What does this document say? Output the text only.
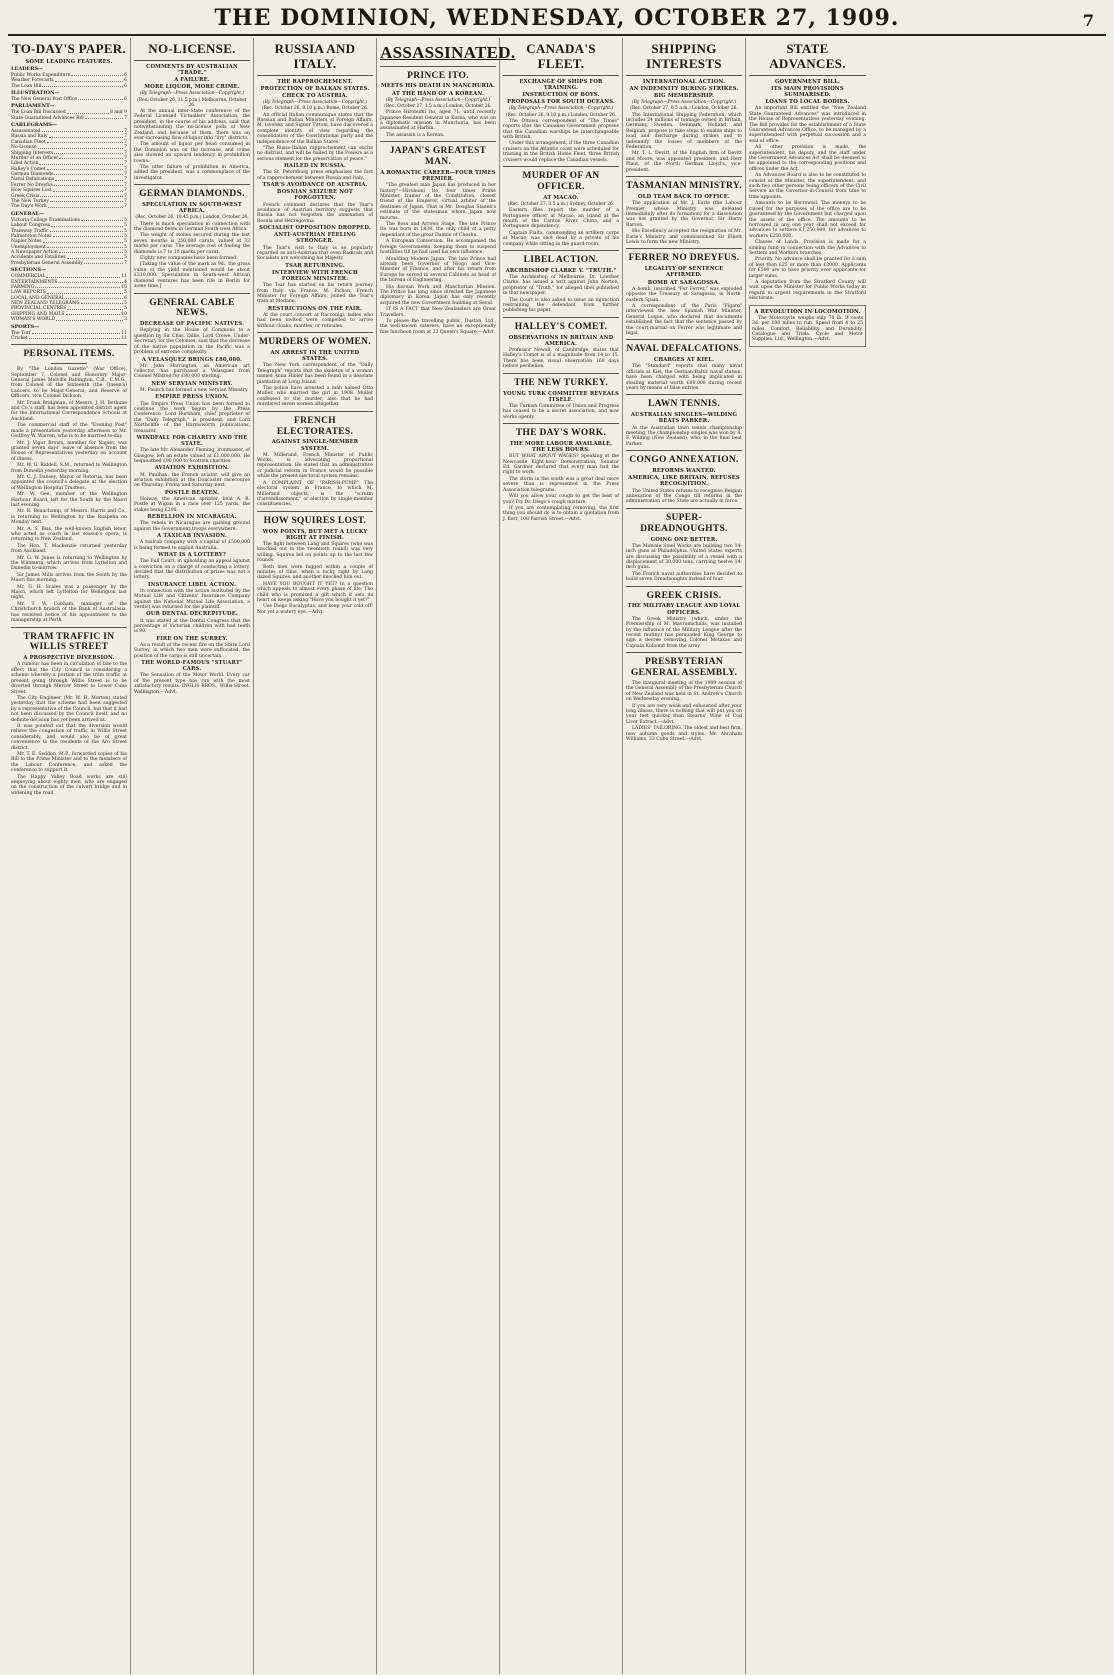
THE DOMINION, WEDNESDAY, OCTOBER 27, 1909.	7
TO-DAY'S PAPER.
SOME LEADING FEATURES.
LEADERS—
Public Works Expenditure	6
Weather Forecasts	6
The Loan Bill	6
ILLUSTRATION—
The New General Post Office	6
PARLIAMENT—
The Loan Bill Discussed	8 and 9
State-Guaranteed Advances Bill	7
CABLEGRAMS—
Assassinated	7
Russia and Italy	7
Canadian Fleet	7
No-License	7
Shipping Interests	7
Murder of an Officer	7
Libel Action	7
Halley's Comet	7
German Diamonds	7
Naval Defalcations	7
Ferrer No Dreyfus	7
How Squires Lost	7
Greek Crisis	7
The New Turkey	7
The Day's Work	7
GENERAL—
Victoria College Examinations	5
Labour Congress	5
Tramway Traffic	5
Palmerston Notes	5
Napier Notes	5
Unemployment	5
A Newspaper Action	5
Accidents and Fatalities	5
Presbyterian General Assembly	7
SECTIONS—
COMMERCIAL	11
ENTERTAINMENTS	4
FARMING	10
LAW REPORTS	5
LOCAL AND GENERAL	6
NEW ZEALAND TELEGRAMS	5
PROVINCIAL CENTRES	5
SHIPPING AND MAILS	10
WOMAN'S WORLD	3
SPORTS—
The Turf	11
Cricket	11
PERSONAL ITEMS.

By "The London Gazette" (War Office), September 7, Colonel and Honorary Major-General James Melville Babington, C.B., C.M.G., from Colonel of the Sixteenth (the Queen's) Lancers, to be Major-General; and Reserve of Officers, vice Colonel Dickson.

Mr. Frank Bridgman, of Messrs. J. H. Bethune and Co.'s staff, has been appointed district agent for the International Correspondence Schools at Auckland.

The commercial staff of the "Evening Post" made a presentation yesterday afternoon to Mr. Godfrey W. Warren, who is to be married to-day.

Mr. J. Vigor Brown, member for Napier, was granted seven days' leave of absence from the House of Representatives yesterday on account of illness.

Mr. W. G. Riddell, S.M., returned to Wellington from Dunedin yesterday morning.

Mr. C. J. Dansey, Mayor of Rotorua, has been appointed the council's delegate at the election of Wellington Hospital Trustees.

Mr. W. Gee, member of the Wellington Harbour Board, left for the South by the Maori last evening.

Mr. R. Beauchamp, of Messrs. Harris and Co., is returning to Wellington by the Ruapehu on Monday next.

Mr. A. S. Biss, the well-known English tenor, who acted as coach in last season's opera, is returning to New Zealand.

The Hon. T. Mackenzie returned yesterday from Auckland.

Mr. G. W. Jones is returning to Wellington by the Wimmera, which arrives from Lyttelton and Dunedin to-morrow.

Sir James Mills arrives from the South by the Maori this morning.

Mr. G. H. Scales was a passenger by the Maori, which left Lyttelton for Wellington last night.

Mr. T. W. Cobham, manager of the Christchurch branch of the Bank of Australasia, has received notice of his appointment to the managership at Perth.

TRAM TRAFFIC IN WILLIS STREET
A PROSPECTIVE DIVERSION.

A rumour has been in circulation of late to the effect that the City Council is considering a scheme whereby a portion of the tram traffic at present going through Willis Street is to be diverted through Mercer Street to Lower Cuba Street.

The City Engineer (Mr. W. H. Morton) stated yesterday that the scheme had been suggested by a representative of the Council, but that it had not been discussed by the Council itself, and no definite decision has yet been arrived at.

It was pointed out that the diversion would relieve the congestion of traffic in Willis Street considerably, and would also be of great convenience to the residents of the Aro Street district.

Mr. T. E. Seddon, M.P., forwarded copies of his Bill to the Prime Minister and to the members of the Labour Conference, and asked the conference to support it.

The Happy Valley Road works are still employing about eighty men, who are engaged on the construction of the culvert bridge and in widening the road.

NO-LICENSE.
COMMENTS BY AUSTRALIAN "TRADE."
A FAILURE.
MORE LIQUOR, MORE CRIME.
(By Telegraph—Press Association—Copyright.)
(Rec. October 26, 11.5 p.m.) Melbourne, October 26.

At the annual inter-State conference of the Federal Licensed Victuallers' Association, the president, in the course of his address, said that notwithstanding the no-license polls of New Zealand, and because of them, there was an ever-increasing flow of liquor into "dry" districts.

The amount of liquor per head consumed in the Dominion was on the increase, and crime also showed an upward tendency in prohibition towns.

The utter failure of prohibition in America, added the president, was a commonplace of the investigator.

GERMAN DIAMONDS.
SPECULATION IN SOUTH-WEST AFRICA.
(Rec. October 26, 10.45 p.m.) London, October 26.

There is much speculation in connection with the diamond fields in German South-west Africa.

The weight of stones secured during the last seven months is 250,000 carats, valued at 33 marks per carat. The average cost of finding the diamonds is 7 to 10 marks per carat.

Eighty new companies have been formed.

[Taking the value of the mark as 9d., the gross value of the yield mentioned would be about £310,000. Speculation in South-west African diamond ventures has been rife in Berlin for some time.]

GENERAL CABLE NEWS.
DECREASE OF PACIFIC NATIVES.

Replying in the House of Commons to a question by Sir Chas. Dilke, Lord Crewe, Under-Secretary for the Colonies, said that the decrease of the native population in the Pacific was a problem of extreme complexity.

A VELASQUEZ BRINGS £80,000.

Mr. John Harrington, an American art collector, has purchased a Velasquez from Colonel Mildred for £80,000 sterling.

NEW SERVIAN MINISTRY.

M. Pasitch has formed a new Servian Ministry.

EMPIRE PRESS UNION.

The Empire Press Union has been formed to continue the work begun by the Press Conference. Lord Burnham, chief proprietor of the "Daily Telegraph," is president; and Lord Northcliffe of the Harmsworth publications, treasurer.

WINDFALL FOR CHARITY AND THE STATE.

The late Mr. Alexander Fleming, ironmaster, of Glasgow, left an estate valued at £1,000,000. He bequeathed £90,000 to Scottish charities.

AVIATION EXHIBITION.

M. Paulhan, the French aviator, will give an aviation exhibition at the Doncaster racecourse on Thursday, Friday and Saturday next.

POSTLE BEATEN.

Holway, the American sprinter, beat A. R. Postle at Wigan in a race over 125 yards, the stakes being £200.

REBELLION IN NICARAGUA.

The rebels in Nicaragua are gaining ground against the Government troops everywhere.

A TAXICAB INVASION.

A taxicab company with a capital of £500,000 is being formed to exploit Australia.

WHAT IS A LOTTERY?

The Full Court, in upholding an appeal against a conviction on a charge of conducting a lottery, decided that the distribution of prizes was not a lottery.

INSURANCE LIBEL ACTION.

In connection with the action instituted by the Mutual Life and Citizens' Insurance Company against the National Mutual Life Association, a verdict was returned for the plaintiff.

OUR DENTAL DECREPITUDE.

It was stated at the Dental Congress that the percentage of Victorian children with bad teeth is 90.

FIRE ON THE SURREY.

As a result of the recent fire on the Shire Lord Surrey, in which two men were suffocated, the position of the cargo is still uncertain.

THE WORLD-FAMOUS "STUART" CARS.

The Sensation of the Motor World. Every car of the present type has run with the most satisfactory results. INGLIS BROS., Willis Street, Wellington.—Advt.

RUSSIA AND ITALY.
THE RAPPROCHEMENT.
PROTECTION OF BALKAN STATES.
CHECK TO AUSTRIA.
(By Telegraph—Press Association—Copyright.)
(Rec. October 26, 9.10 p.m.) Rome, October 26.

An official Italian communique states that the Russian and Italian Ministers of Foreign Affairs, M. Isvolsky and Signor Tittoni, have discovered a complete identity of view regarding the consolidation of the Constitutional party and the independence of the Balkan States.

"The Russo-Italian rapprochement can excite no distrust, and will be hailed by the Powers as a serious element for the preservation of peace."

HAILED IN RUSSIA.

The St. Petersburg press emphasises the fact of a rapprochement between Russia and Italy.

TSAR'S AVOIDANCE OF AUSTRIA.
BOSNIAN SEIZURE NOT FORGOTTEN.

French comment declares that the Tsar's avoidance of Austrian territory suggests that Russia has not forgotten the annexation of Bosnia and Herzegovina.

SOCIALIST OPPOSITION DROPPED.
ANTI-AUSTRIAN FEELING STRONGER.

The Tsar's visit to Italy is so popularly regarded as anti-Austrian that even Radicals and Socialists are welcoming his Majesty.

TSAR RETURNING.
INTERVIEW WITH FRENCH FOREIGN MINISTER.

The Tsar has started on his return journey from Italy, via France. M. Pichon, French Minister for Foreign Affairs, joined the Tsar's train at Modane.

RESTRICTIONS ON THE FAIR.

At the court concert at Racconigi, ladies who had been invited were compelled to arrive without cloaks, mantles, or reticules.

MURDERS OF WOMEN.
AN ARREST IN THE UNITED STATES.

The New York correspondent of the "Daily Telegraph" reports that the skeleton of a woman named Anna Hibler has been found in a desolate plantation at Long Island.

The police have arrested a man named Otto Muller, who married the girl in 1908. Muller confessed to the murder, also that he had murdered seven women altogether.

FRENCH ELECTORATES.
AGAINST SINGLE-MEMBER SYSTEM.

M. Millerand, French Minister of Public Works, is advocating proportional representation. He stated that an administrative or judicial reform in France would be possible while the present electoral system remains.

A COMPLAINT OF "PARISH-PUMP." The electoral system in France, to which M. Millerand objects, is the "scrutin d'arrondissement," or election by single-member constituencies.

HOW SQUIRES LOST.
WON POINTS, BUT MET A LUCKY RIGHT AT FINISH.

The fight between Lang and Squires (who was knocked out in the twentieth round) was very willing. Squires led on points up to the last few rounds.

Both men were fagged within a couple of minutes of time, when a lucky right by Lang dazed Squires, and another knocked him out.

HAVE YOU BOUGHT IT YET? In a question which appeals to almost every phase of life. The child who is promised a gift which it sets its heart on keeps asking "Have you bought it yet?"

Use Diego Eucalyptus, and keep your cold off! Nor yet a watery eye.—Advt.

ASSASSINATED.
PRINCE ITO.
MEETS HIS DEATH IN MANCHURIA.
AT THE HAND OF A KOREAN.
(By Telegraph—Press Association—Copyright.)
(Rec. October 27, 1.5 a.m.) London, October 26.

Prince Hirobumi Ito, aged 71, until recently Japanese Resident-General in Korea, who was on a diplomatic mission in Manchuria, has been assassinated at Harbin.

The assassin is a Korean.

JAPAN'S GREATEST MAN.
A ROMANTIC CAREER—FOUR TIMES PREMIER.

"The greatest man Japan has produced in her history"—Hirobumi Ito, four times Prime Minister, framer of the Constitution, closest friend of the Emperor, virtual arbiter of the destinies of Japan. That is Mr. Douglas Sladen's estimate of the statesman whom Japan now mourns.

The Boss and Arrows Stage. The late Prince Ito was born in 1838, the only child of a petty dependant of the great Daimio of Choshu.

A European Conversion. He accompanied the foreign Governments, keeping them to suspend hostilities till he had used his own influence.

Moulding Modern Japan. The late Prince had already been Governor of Hiogo and Vice-Minister of Finance, and after his return from Europe he served in several Cabinets as head of the bureau of Engineering.

His Korean Work and Manchurian Mission. The Prince has long since directed the Japanese diplomacy in Korea. Japan has only recently acquired the new Government building at Seoul.

IT IS A FACT that New Zealanders are Great Travellers.

To please the travelling public, Dustan, Ltd., the well-known caterers, have an exceptionally fine luncheon room at 23 Queen's Square.—Advt.

CANADA'S FLEET.
EXCHANGE OF SHIPS FOR TRAINING.
INSTRUCTION OF BOYS.
PROPOSALS FOR SOUTH OCEANS.
(By Telegraph—Press Association—Copyright.)
(Rec. October 26, 9.10 p.m.) London, October 26.

The Ottawa correspondent of "The Times" reports that the Canadian Government proposes that the Canadian warships be interchangeable with British.

Under this arrangement, if the three Canadian cruisers on the Atlantic coast were scheduled for training in the British Home Fleet, three British cruisers would replace the Canadian vessels.

MURDER OF AN OFFICER.
AT MACAO.
(Rec. October 27, 0.5 a.m.) Sydney, October 26.

Eastern files report the murder of a Portuguese officer at Macao, an island at the mouth of the Canton River, China, and a Portuguese dependency.

Captain Fialta, commanding an artillery corps at Macao, was shot dead by a private of his company while sitting in the guard-room.

LIBEL ACTION.
ARCHBISHOP CLARKE V. "TRUTH."

The Archbishop of Melbourne, Dr. Lowther Clarke, has issued a writ against John Norton, proprietor of "Truth," for alleged libel published in that newspaper.

The Court is also asked to issue an injunction restraining the defendant from further publishing his paper.

HALLEY'S COMET.
OBSERVATIONS IN BRITAIN AND AMERICA.

Professor Newall, of Cambridge, states that Halley's Comet is of a magnitude from 14 to 15. There has been visual observation 160 days before perihelion.

THE NEW TURKEY.
YOUNG TURK COMMITTEE REVEALS ITSELF.

The Turkish Committee of Union and Progress has ceased to be a secret association, and now works openly.

THE DAY'S WORK.
THE MORE LABOUR AVAILABLE, THE LESS HOURS.

BUT WHAT ABOUT WAGES? Speaking at the Newcastle Eight-hour Demonstration, Senator Ed. Gardner declared that every man had the right to work.

The storm in the south was a great deal more severe than is represented in the Press Association telegrams.

Will you allow your cough to get the best of you? Try Dr. Diego's cough mixture.

If you are contemplating removing, the first thing you should do is to obtain a quotation from J. Kerr, 108 Farrish Street.—Advt.

SHIPPING INTERESTS
INTERNATIONAL ACTION.
AN INDEMNITY DURING STRIKES.
BIG MEMBERSHIP.
(By Telegraph—Press Association—Copyright.)
(Rec. October 27, 0.5 a.m.) London, October 26.

The International Shipping Federation, which includes 24 millions of tonnage owned in Britain, Germany, Sweden, Denmark, Holland, and Belgium, propose to take steps to enable ships to load and discharge during strikes and to indemnify the losses of members of the Federation.

Mr. T. L. Devitt, of the English firm of Devitt and Moore, was appointed president, and Herr Plaut, of the North German Lloyd's, vice-president.

TASMANIAN MINISTRY.
OLD TEAM BACK TO OFFICE.

The application of Mr. J. Earle (the Labour Premier, whose Ministry was defeated immediately after its formation) for a dissolution was not granted by the Governor, Sir Harry Barron.

His Excellency accepted the resignation of Mr. Earle's Ministry, and commissioned Sir Elliott Lewis to form the new Ministry.

FERRER NO DREYFUS.
LEGALITY OF SENTENCE AFFIRMED.
BOMB AT SARAGOSSA.

A bomb, inscribed "For Ferrer," was exploded opposite the Treasury at Saragossa, in North-eastern Spain.

A correspondent of the Paris "Figaro" interviewed the new Spanish War Minister, General Luque, who declared that documents established the fact that the sentence passed by the court-martial on Ferrer was legitimate and legal.

NAVAL DEFALCATIONS.
CHARGES AT KIEL.

The "Standard" reports that many naval officials at Kiel, the German Baltic naval station, have been charged with being implicated in stealing material worth £80,000 during recent years by means of false entries.

LAWN TENNIS.
AUSTRALIAN SINGLES—WILDING BEATS PARKER.

At the Australian lawn tennis championship meeting, the championship singles was won by A. F. Wilding (New Zealand), who, in the final beat Parker.

CONGO ANNEXATION.
REFORMS WANTED.
AMERICA, LIKE BRITAIN, REFUSES RECOGNITION.

The United States refuses to recognise Belgian annexation of the Congo till reforms in the administration of the State are actually in force.

SUPER-DREADNOUGHTS.
GOING ONE BETTER.

The Midvale Steel Works are building two 14-inch guns at Philadelphia. United States experts are discussing the possibility of a vessel with a displacement of 30,000 tons, carrying twelve 14-inch guns.

The French naval authorities have decided to build seven Dreadnoughts instead of four.

GREEK CRISIS.
THE MILITARY LEAGUE AND LOYAL OFFICERS.

The Greek Ministry (which, under the Premiership of M. Mavromichalis, was installed by the influence of the Military League after the recent mutiny) has persuaded King George to sign a decree removing Colonel Metaxas and Captain Koliomit from the army.

PRESBYTERIAN GENERAL ASSEMBLY.

The inaugural meeting of the 1909 session of the General Assembly of the Presbyterian Church of New Zealand was held in St. Andrew's Church on Wednesday evening.

If you are very weak and exhausted after your long illness, there is nothing that will put you on your feet quicker than Stearns' Wine of Cod Liver Extract.—Advt.

LADIES' TAILORING. The oldest and best firm, new autumn goods and styles. Mr. Abraham Williams, 33 Cuba Street.—Advt.

STATE ADVANCES.
GOVERNMENT BILL.
ITS MAIN PROVISIONS SUMMARISED.
LOANS TO LOCAL BODIES.

An important Bill entitled the "New Zealand State Guaranteed Advances" was introduced in the House of Representatives yesterday evening. The Bill provides for the establishment of a State Guaranteed Advances Office, to be managed by a superintendent with perpetual succession and a seal of office.

All other provision is made, the superintendent, his deputy, and the staff under the Government Advances Act shall be deemed to be appointed to the corresponding positions and offices under the Act.

An Advances Board is also to be constituted to consist of the Minister, the superintendent, and such two other persons being officers of the Civil Service as the Governor-in-Council from time to time appoints.

Amounts to be Borrowed. The moneys to be raised for the purposes of the office are to be guaranteed by the Government but charged upon the assets of the office. The amounts to be borrowed in any one year shall not exceed for advances to settlers £1,250,000, for advances to workers £250,000.

Classes of Lands. Provision is made for a sinking fund in connection with the Advances to Settlers and Workers branches.

Priority. No advance shall be granted for a sum of less than £25 or more than £3000. Applicants for £500 are to have priority over applicants for larger sums.

A deputation from the Stratford County will wait upon the Minister for Public Works today in regard to urgent requirements in the Stratford electorate.

A REVOLUTION IN LOCOMOTION.

The Motorcycle weighs only 70 lb. It costs 3d. per 100 miles to run. Speed from 4 to 25 miles. Comfort, Reliability, and Durability. Catalogue and Trials. Cycle and Motor Supplies, Ltd., Wellington.—Advt.
